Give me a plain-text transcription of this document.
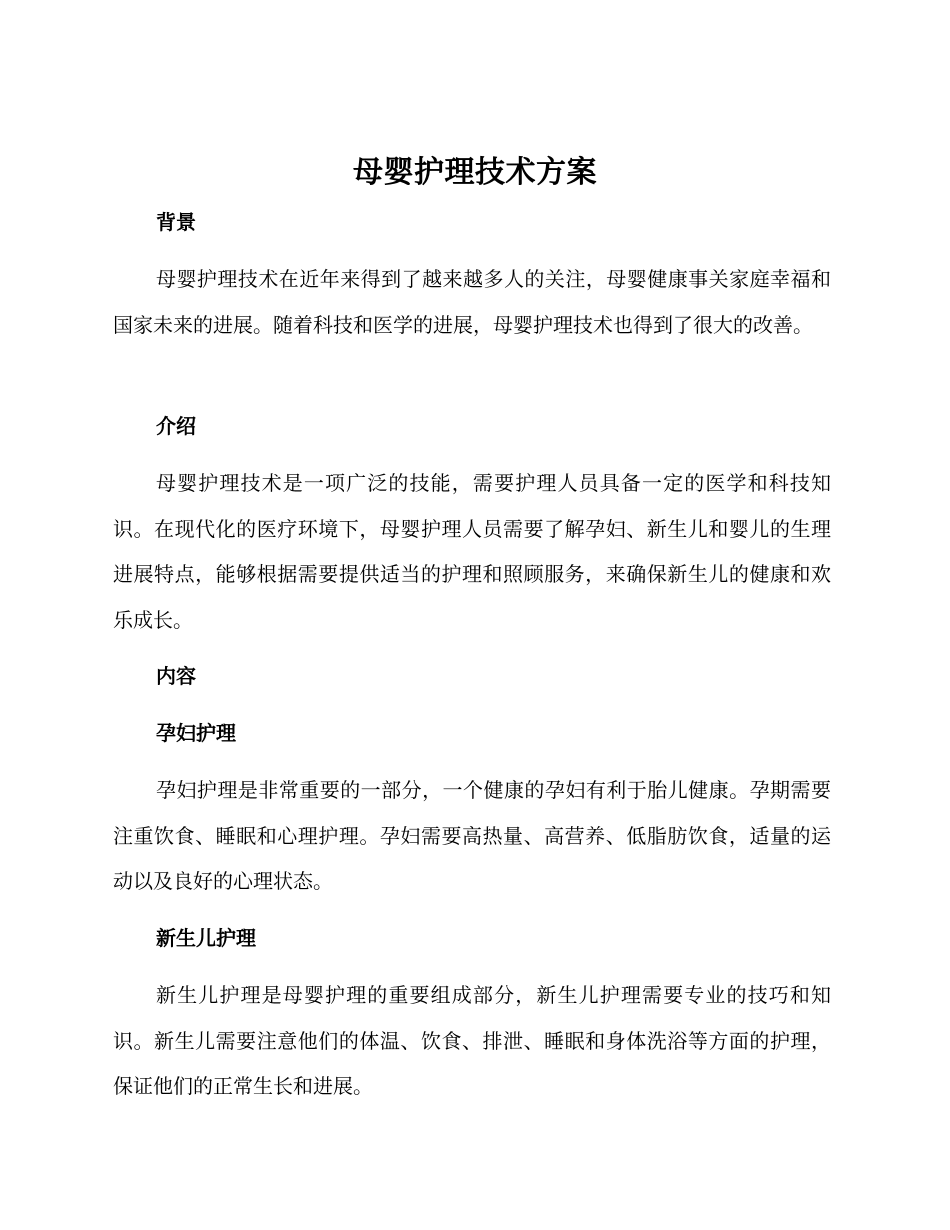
母婴护理技术方案
背景

母婴护理技术在近年来得到了越来越多人的关注，母婴健康事关家庭幸福和国家未来的进展。随着科技和医学的进展，母婴护理技术也得到了很大的改善。

介绍

母婴护理技术是一项广泛的技能，需要护理人员具备一定的医学和科技知识。在现代化的医疗环境下，母婴护理人员需要了解孕妇、新生儿和婴儿的生理进展特点，能够根据需要提供适当的护理和照顾服务，来确保新生儿的健康和欢乐成长。

内容
孕妇护理

孕妇护理是非常重要的一部分，一个健康的孕妇有利于胎儿健康。孕期需要注重饮食、睡眠和心理护理。孕妇需要高热量、高营养、低脂肪饮食，适量的运动以及良好的心理状态。

新生儿护理

新生儿护理是母婴护理的重要组成部分，新生儿护理需要专业的技巧和知识。新生儿需要注意他们的体温、饮食、排泄、睡眠和身体洗浴等方面的护理，保证他们的正常生长和进展。
